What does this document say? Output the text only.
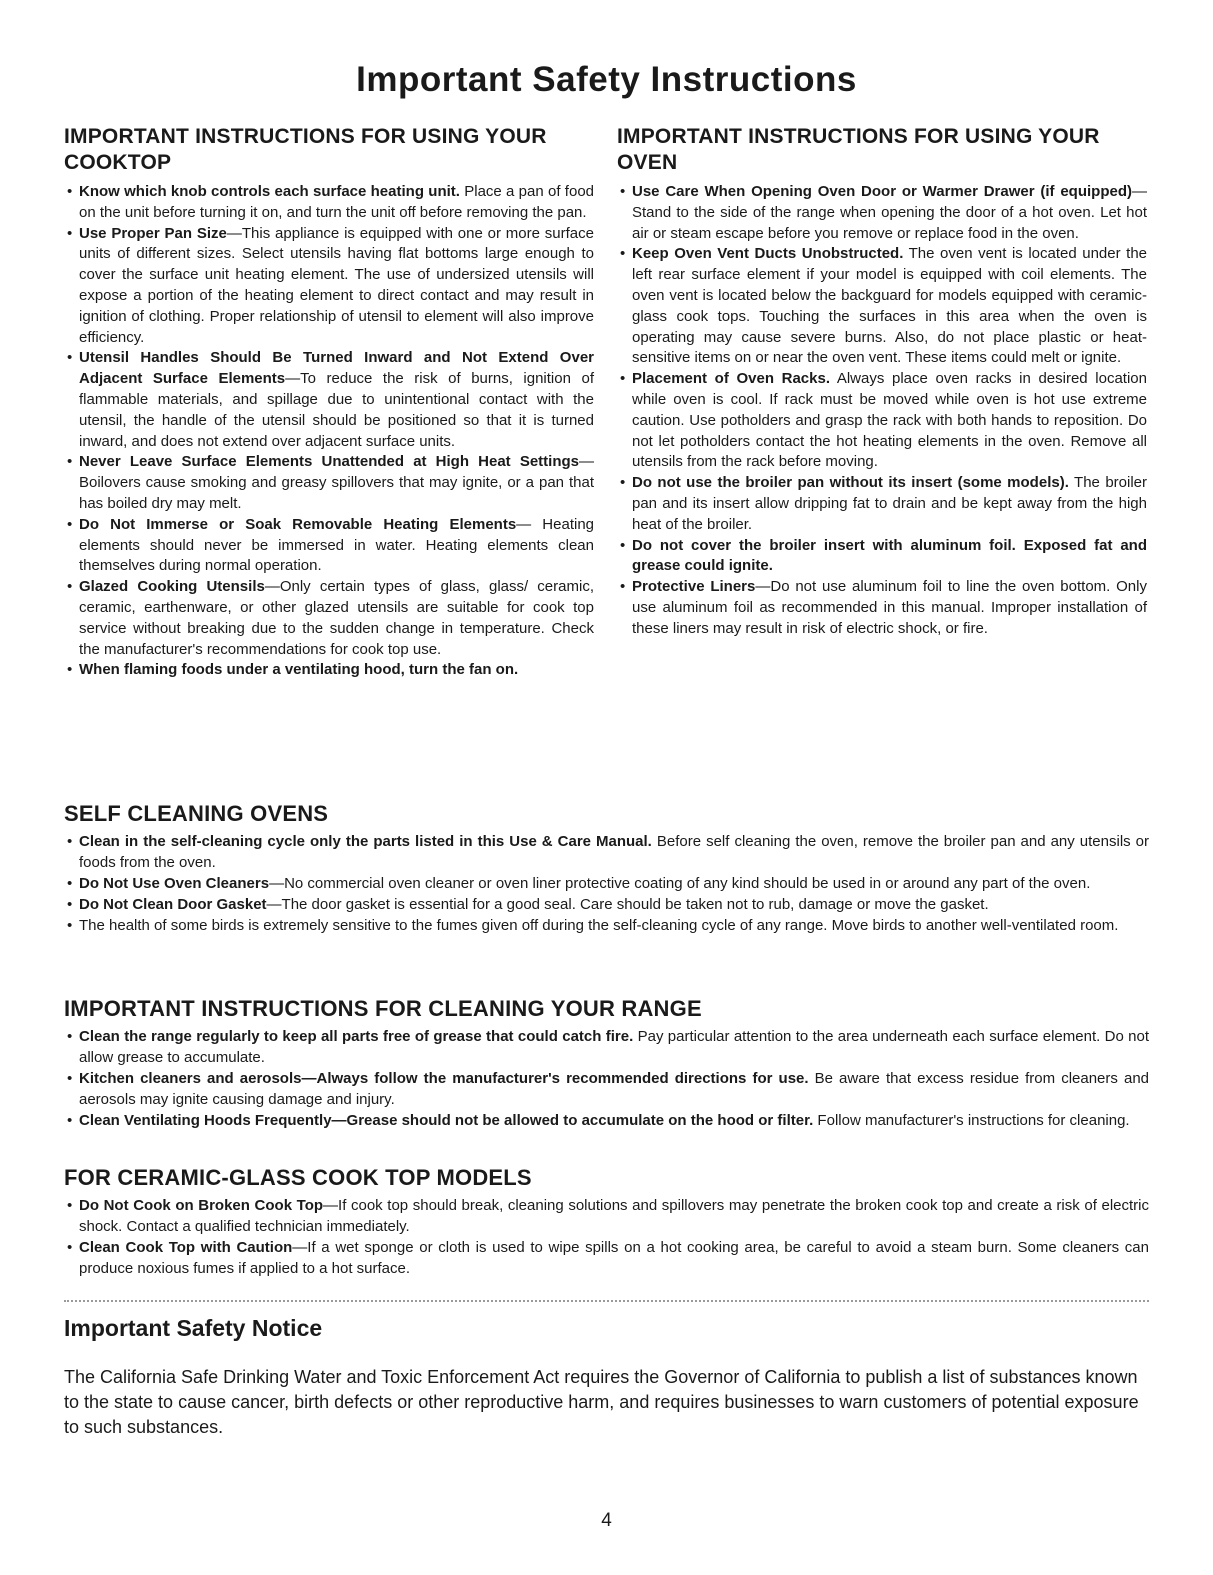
Important Safety Instructions
IMPORTANT INSTRUCTIONS FOR USING YOUR COOKTOP
• Know which knob controls each surface heating unit. Place a pan of food on the unit before turning it on, and turn the unit off before removing the pan.
• Use Proper Pan Size—This appliance is equipped with one or more surface units of different sizes. Select utensils having flat bottoms large enough to cover the surface unit heating element. The use of undersized utensils will expose a portion of the heating element to direct contact and may result in ignition of clothing. Proper relationship of utensil to element will also improve efficiency.
• Utensil Handles Should Be Turned Inward and Not Extend Over Adjacent Surface Elements—To reduce the risk of burns, ignition of flammable materials, and spillage due to unintentional contact with the utensil, the handle of the utensil should be positioned so that it is turned inward, and does not extend over adjacent surface units.
• Never Leave Surface Elements Unattended at High Heat Settings—Boilovers cause smoking and greasy spillovers that may ignite, or a pan that has boiled dry may melt.
• Do Not Immerse or Soak Removable Heating Elements— Heating elements should never be immersed in water. Heating elements clean themselves during normal operation.
• Glazed Cooking Utensils—Only certain types of glass, glass/ ceramic, ceramic, earthenware, or other glazed utensils are suitable for cook top service without breaking due to the sudden change in temperature. Check the manufacturer's recommendations for cook top use.
• When flaming foods under a ventilating hood, turn the fan on.
IMPORTANT INSTRUCTIONS FOR USING YOUR OVEN
• Use Care When Opening Oven Door or Warmer Drawer (if equipped)—Stand to the side of the range when opening the door of a hot oven. Let hot air or steam escape before you remove or replace food in the oven.
• Keep Oven Vent Ducts Unobstructed. The oven vent is located under the left rear surface element if your model is equipped with coil elements. The oven vent is located below the backguard for models equipped with ceramic-glass cook tops. Touching the surfaces in this area when the oven is operating may cause severe burns. Also, do not place plastic or heat-sensitive items on or near the oven vent. These items could melt or ignite.
• Placement of Oven Racks. Always place oven racks in desired location while oven is cool. If rack must be moved while oven is hot use extreme caution. Use potholders and grasp the rack with both hands to reposition. Do not let potholders contact the hot heating elements in the oven. Remove all utensils from the rack before moving.
• Do not use the broiler pan without its insert (some models). The broiler pan and its insert allow dripping fat to drain and be kept away from the high heat of the broiler.
• Do not cover the broiler insert with aluminum foil. Exposed fat and grease could ignite.
• Protective Liners—Do not use aluminum foil to line the oven bottom. Only use aluminum foil as recommended in this manual. Improper installation of these liners may result in risk of electric shock, or fire.
SELF CLEANING OVENS
• Clean in the self-cleaning cycle only the parts listed in this Use & Care Manual. Before self cleaning the oven, remove the broiler pan and any utensils or foods from the oven.
• Do Not Use Oven Cleaners—No commercial oven cleaner or oven liner protective coating of any kind should be used in or around any part of the oven.
• Do Not Clean Door Gasket—The door gasket is essential for a good seal. Care should be taken not to rub, damage or move the gasket.
• The health of some birds is extremely sensitive to the fumes given off during the self-cleaning cycle of any range. Move birds to another well-ventilated room.
IMPORTANT INSTRUCTIONS FOR CLEANING YOUR RANGE
• Clean the range regularly to keep all parts free of grease that could catch fire. Pay particular attention to the area underneath each surface element. Do not allow grease to accumulate.
• Kitchen cleaners and aerosols—Always follow the manufacturer's recommended directions for use. Be aware that excess residue from cleaners and aerosols may ignite causing damage and injury.
• Clean Ventilating Hoods Frequently—Grease should not be allowed to accumulate on the hood or filter. Follow manufacturer's instructions for cleaning.
FOR CERAMIC-GLASS COOK TOP MODELS
• Do Not Cook on Broken Cook Top—If cook top should break, cleaning solutions and spillovers may penetrate the broken cook top and create a risk of electric shock. Contact a qualified technician immediately.
• Clean Cook Top with Caution—If a wet sponge or cloth is used to wipe spills on a hot cooking area, be careful to avoid a steam burn. Some cleaners can produce noxious fumes if applied to a hot surface.
Important Safety Notice

The California Safe Drinking Water and Toxic Enforcement Act requires the Governor of California to publish a list of substances known to the state to cause cancer, birth defects or other reproductive harm, and requires businesses to warn customers of potential exposure to such substances.

4
